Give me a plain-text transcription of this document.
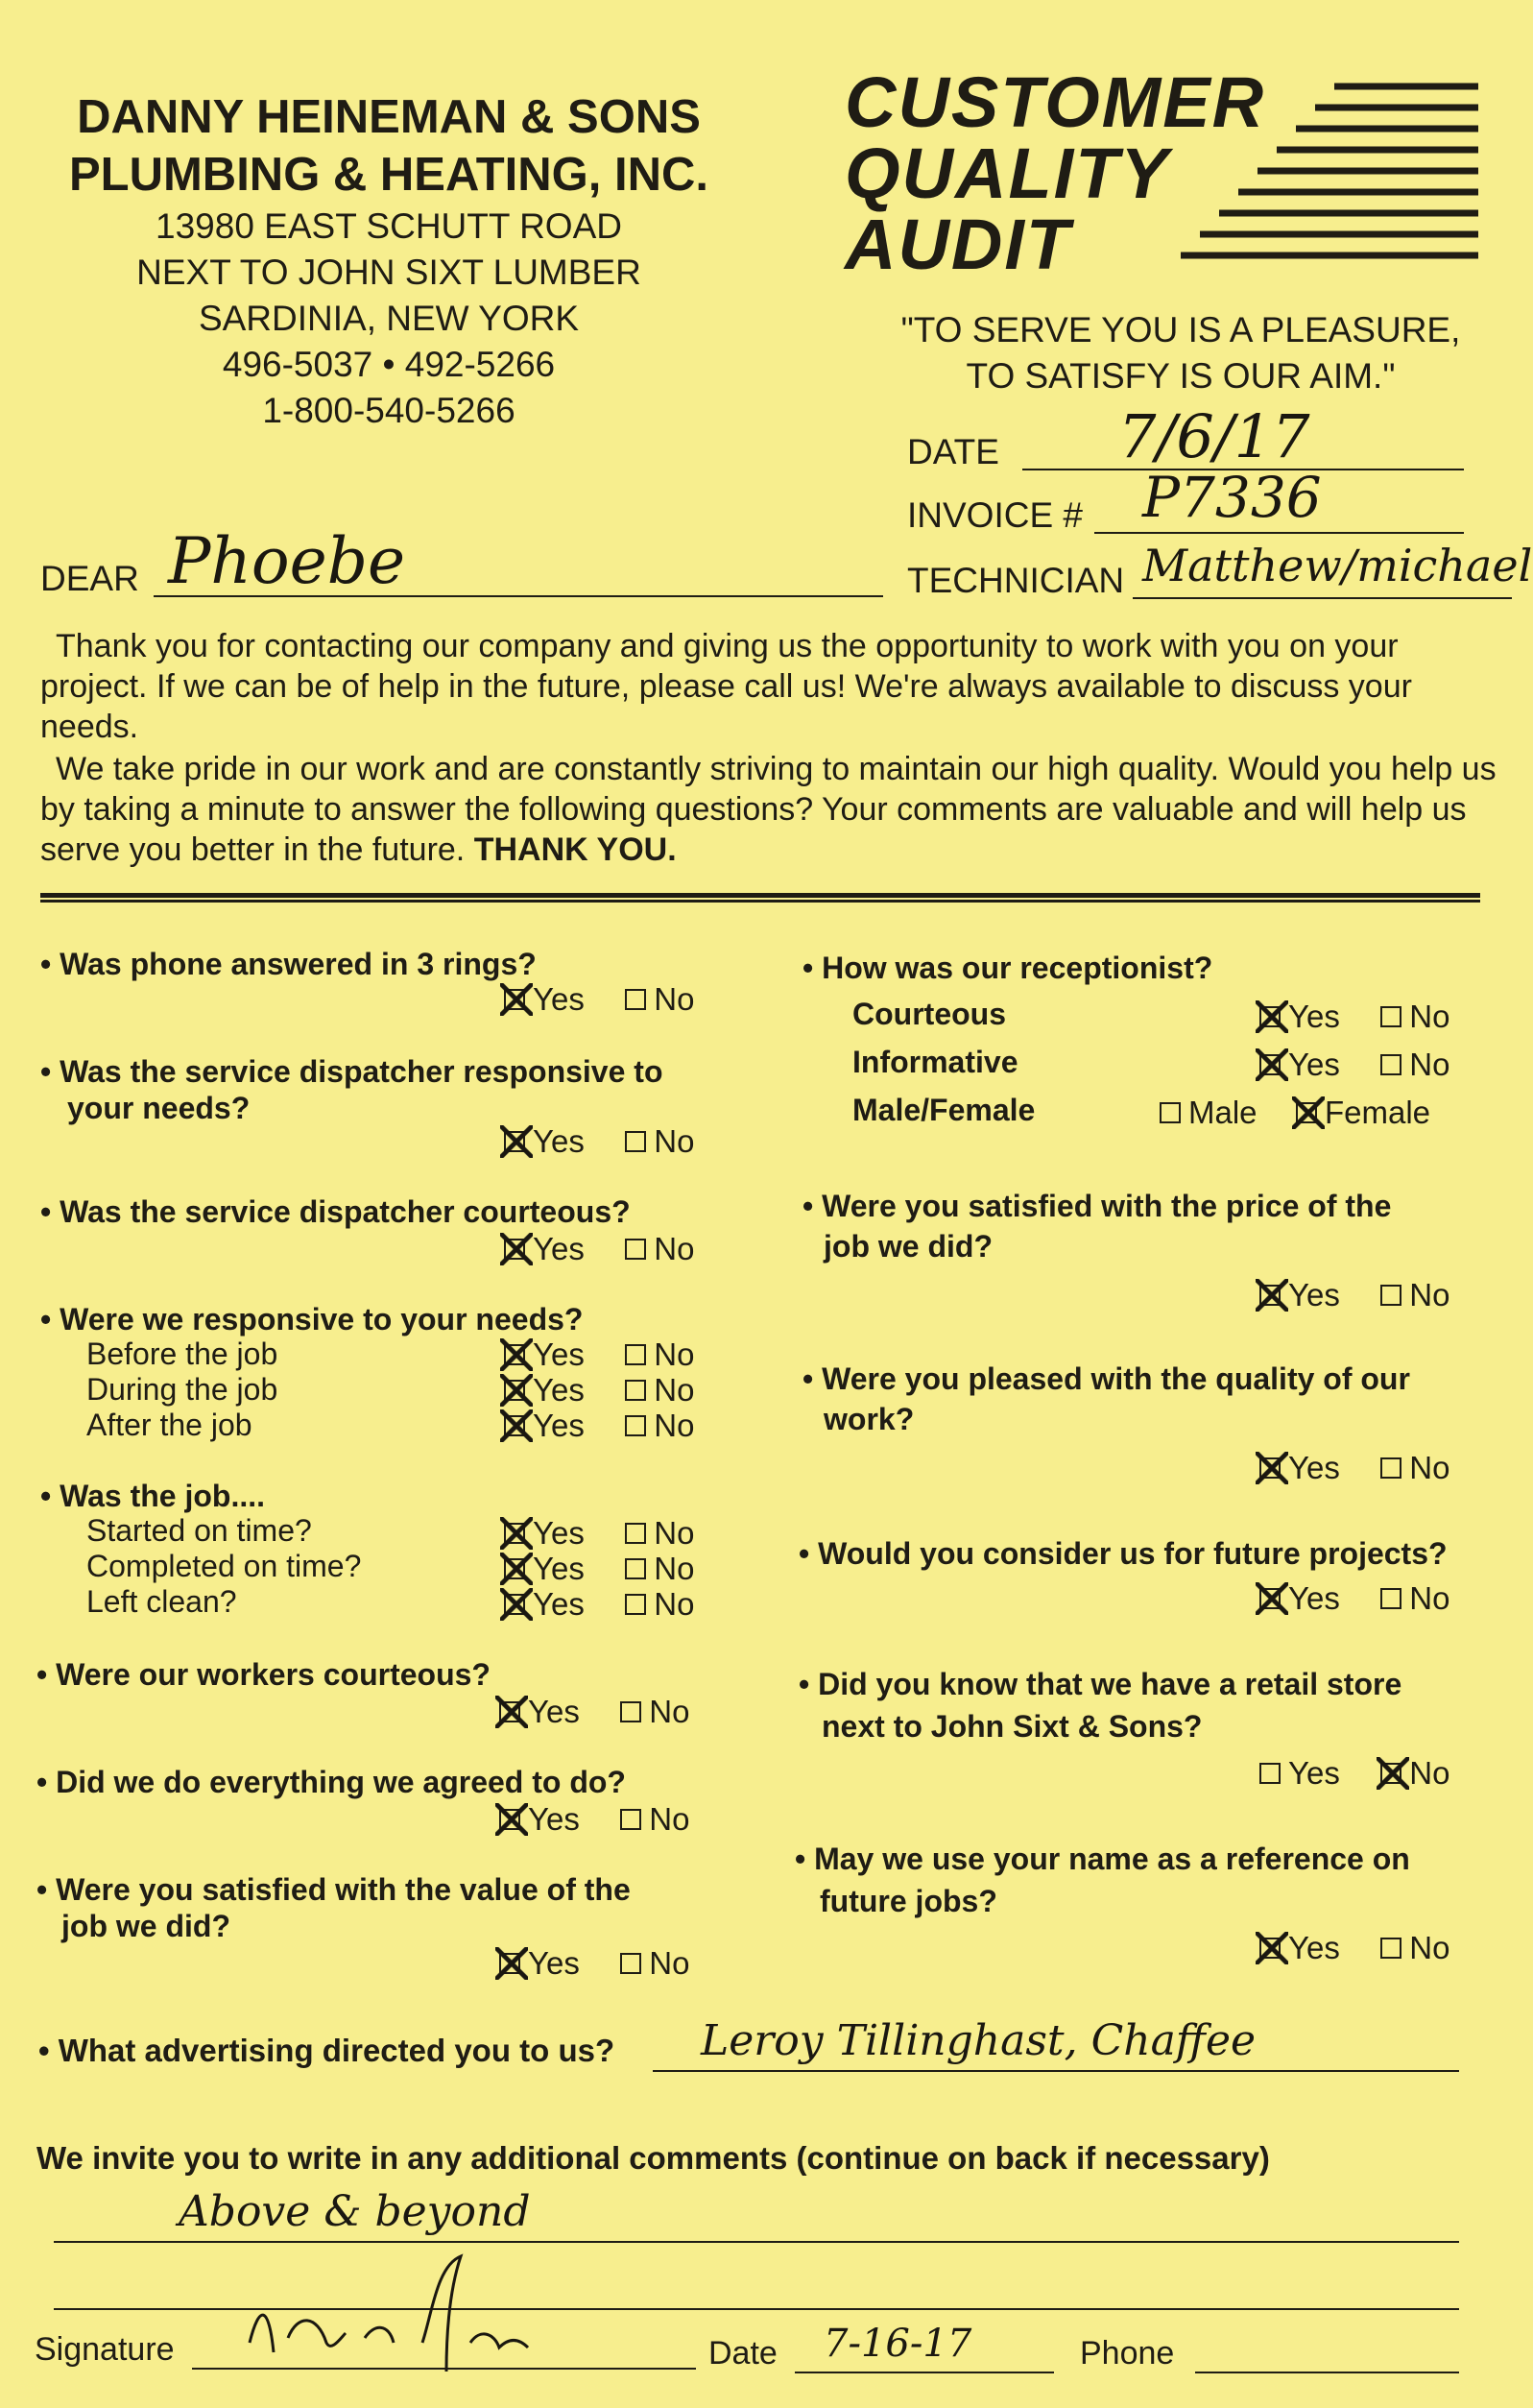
DANNY HEINEMAN & SONS
PLUMBING & HEATING, INC.
13980 EAST SCHUTT ROAD
NEXT TO JOHN SIXT LUMBER
SARDINIA, NEW YORK
496-5037 • 492-5266
1-800-540-5266
CUSTOMER
QUALITY
AUDIT
"TO SERVE YOU IS A PLEASURE,
TO SATISFY IS OUR AIM."
DATE 7/6/17
INVOICE # P7336
TECHNICIAN Matthew/michael
DEAR Phoebe
Thank you for contacting our company and giving us the opportunity to work with you on your project. If we can be of help in the future, please call us! We're always available to discuss your needs.
We take pride in our work and are constantly striving to maintain our high quality. Would you help us by taking a minute to answer the following questions? Your comments are valuable and will help us serve you better in the future. THANK YOU.
• Was phone answered in 3 rings?
Yes
No
• Was the service dispatcher responsive to
your needs?
Yes
No
• Was the service dispatcher courteous?
Yes
No
• Were we responsive to your needs?
Before the job
During the job
After the job
Yes
No
Yes
No
Yes
No
• Was the job....
Started on time?
Completed on time?
Left clean?
Yes
No
Yes
No
Yes
No
• Were our workers courteous?
Yes
No
• Did we do everything we agreed to do?
Yes
No
• Were you satisfied with the value of the
job we did?
Yes
No
• How was our receptionist?
Courteous
Informative
Male/Female
Yes
No
Yes
No
Male
Female
• Were you satisfied with the price of the
job we did?
Yes
No
• Were you pleased with the quality of our
work?
Yes
No
• Would you consider us for future projects?
Yes
No
• Did you know that we have a retail store
next to John Sixt & Sons?
Yes
No
• May we use your name as a reference on
future jobs?
Yes
No
• What advertising directed you to us? Leroy Tillinghast, Chaffee
We invite you to write in any additional comments (continue on back if necessary)
Above & beyond
Signature	Date 7-16-17	Phone
